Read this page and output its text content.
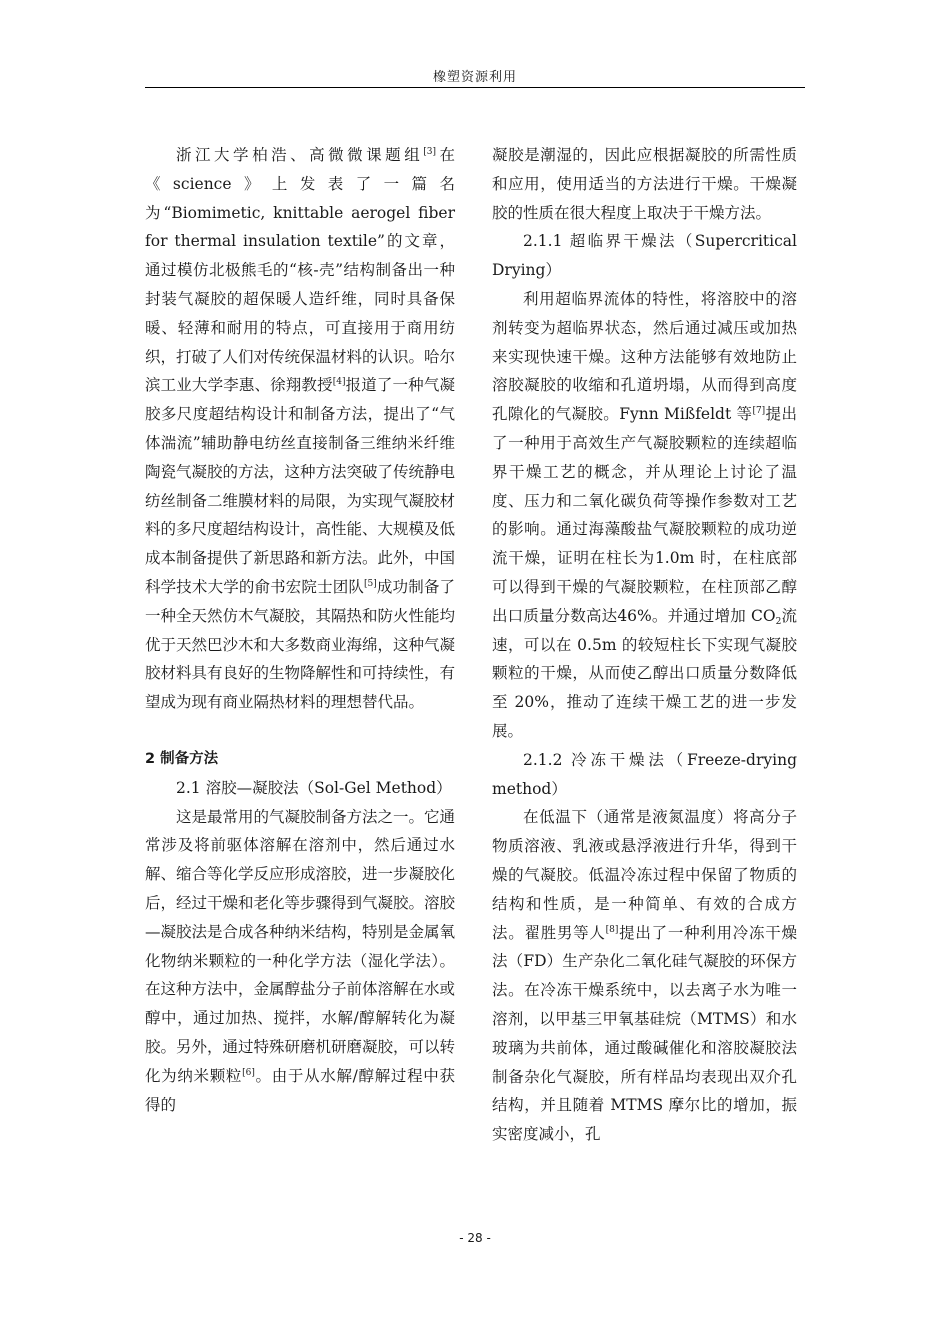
橡塑资源利用

浙江大学柏浩、高微微课题组[3]在《science》上发表了一篇名为“Biomimetic, knittable aerogel fiber for thermal insulation textile”的文章，通过模仿北极熊毛的“核-壳”结构制备出一种封装气凝胶的超保暖人造纤维，同时具备保暖、轻薄和耐用的特点，可直接用于商用纺织，打破了人们对传统保温材料的认识。哈尔滨工业大学李惠、徐翔教授[4]报道了一种气凝胶多尺度超结构设计和制备方法，提出了“气体湍流”辅助静电纺丝直接制备三维纳米纤维陶瓷气凝胶的方法，这种方法突破了传统静电纺丝制备二维膜材料的局限，为实现气凝胶材料的多尺度超结构设计，高性能、大规模及低成本制备提供了新思路和新方法。此外，中国科学技术大学的俞书宏院士团队[5]成功制备了一种全天然仿木气凝胶，其隔热和防火性能均优于天然巴沙木和大多数商业海绵，这种气凝胶材料具有良好的生物降解性和可持续性，有望成为现有商业隔热材料的理想替代品。

2 制备方法

2.1 溶胶—凝胶法（Sol-Gel Method）

这是最常用的气凝胶制备方法之一。它通常涉及将前驱体溶解在溶剂中，然后通过水解、缩合等化学反应形成溶胶，进一步凝胶化后，经过干燥和老化等步骤得到气凝胶。溶胶—凝胶法是合成各种纳米结构，特别是金属氧化物纳米颗粒的一种化学方法（湿化学法）。在这种方法中，金属醇盐分子前体溶解在水或醇中，通过加热、搅拌，水解/醇解转化为凝胶。另外，通过特殊研磨机研磨凝胶，可以转化为纳米颗粒[6]。由于从水解/醇解过程中获得的

凝胶是潮湿的，因此应根据凝胶的所需性质和应用，使用适当的方法进行干燥。干燥凝胶的性质在很大程度上取决于干燥方法。

2.1.1 超临界干燥法（Supercritical Drying）

利用超临界流体的特性，将溶胶中的溶剂转变为超临界状态，然后通过减压或加热来实现快速干燥。这种方法能够有效地防止溶胶凝胶的收缩和孔道坍塌，从而得到高度孔隙化的气凝胶。Fynn Mißfeldt 等[7]提出了一种用于高效生产气凝胶颗粒的连续超临界干燥工艺的概念，并从理论上讨论了温度、压力和二氧化碳负荷等操作参数对工艺的影响。通过海藻酸盐气凝胶颗粒的成功逆流干燥，证明在柱长为1.0m 时，在柱底部可以得到干燥的气凝胶颗粒，在柱顶部乙醇出口质量分数高达46%。并通过增加 $CO_2$流速，可以在 0.5m 的较短柱长下实现气凝胶颗粒的干燥，从而使乙醇出口质量分数降低至 20%，推动了连续干燥工艺的进一步发展。

2.1.2 冷冻干燥法（Freeze-drying method）

在低温下（通常是液氮温度）将高分子物质溶液、乳液或悬浮液进行升华，得到干燥的气凝胶。低温冷冻过程中保留了物质的结构和性质，是一种简单、有效的合成方法。翟胜男等人[8]提出了一种利用冷冻干燥法（FD）生产杂化二氧化硅气凝胶的环保方法。在冷冻干燥系统中，以去离子水为唯一溶剂，以甲基三甲氧基硅烷（MTMS）和水玻璃为共前体，通过酸碱催化和溶胶凝胶法制备杂化气凝胶，所有样品均表现出双介孔结构，并且随着 MTMS 摩尔比的增加，振实密度减小，孔

- 28 -
